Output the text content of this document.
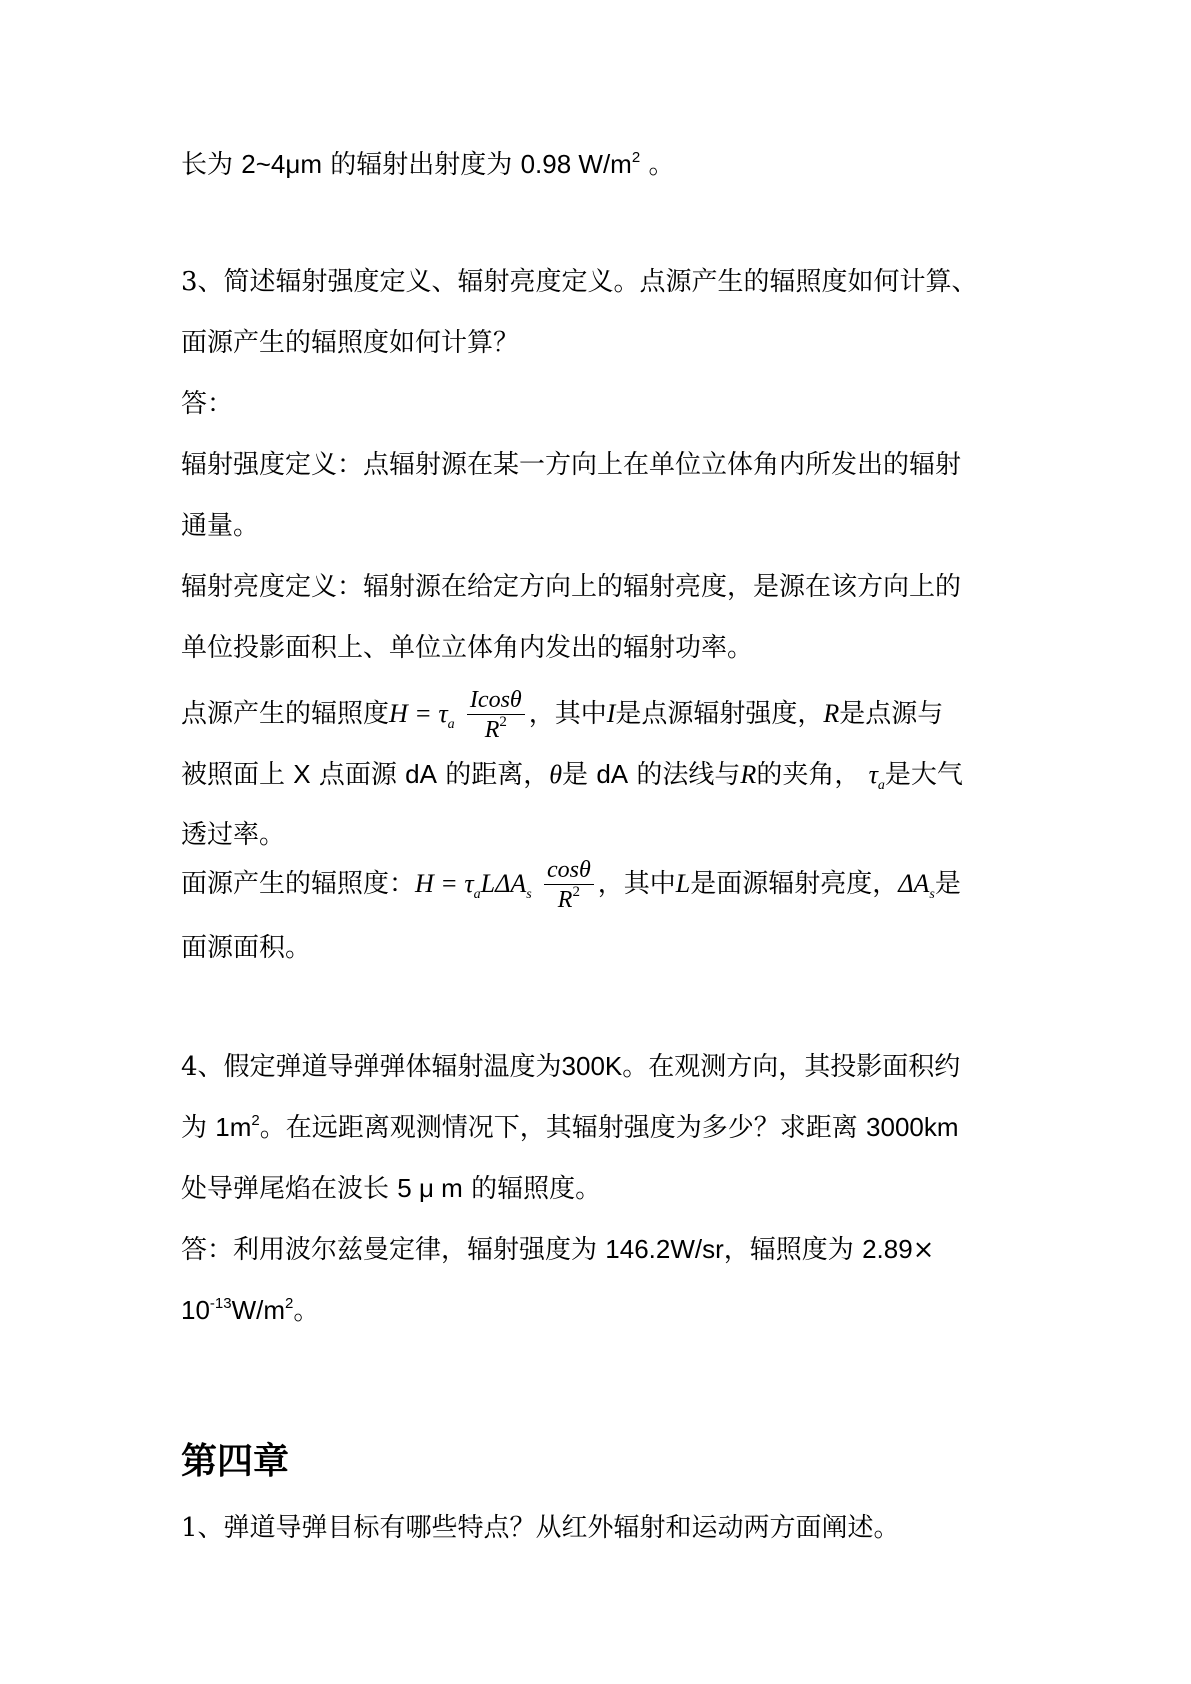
长为 2~4μm 的辐射出射度为 0.98 $W/m^2$ 。
3、简述辐射强度定义、辐射亮度定义。点源产生的辐照度如何计算、
面源产生的辐照度如何计算？
答：
辐射强度定义：点辐射源在某一方向上在单位立体角内所发出的辐射
通量。
辐射亮度定义：辐射源在给定方向上的辐射亮度，是源在该方向上的
单位投影面积上、单位立体角内发出的辐射功率。
点源产生的辐照度$H = \tau_a \frac{Icos\theta}{R^2}$ ，其中I是点源辐射强度，R是点源与
被照面上 X 点面源 dA 的距离，θ是 dA 的法线与R的夹角， $\tau_a$是大气
透过率。
面源产生的辐照度：$H = \tau_aL\Delta A_s \frac{\cos\theta}{R^2}$ ，其中L是面源辐射亮度，$\Delta A_s$是
面源面积。
4、假定弹道导弹弹体辐射温度为300K。在观测方向，其投影面积约
为 $1m^2$。在远距离观测情况下，其辐射强度为多少？求距离 3000km
处导弹尾焰在波长 5 μ m 的辐照度。
答：利用波尔兹曼定律，辐射强度为 146.2W/sr，辐照度为 2.89×
$10^{-13}W/m^2$。
第四章
1、弹道导弹目标有哪些特点？从红外辐射和运动两方面阐述。
